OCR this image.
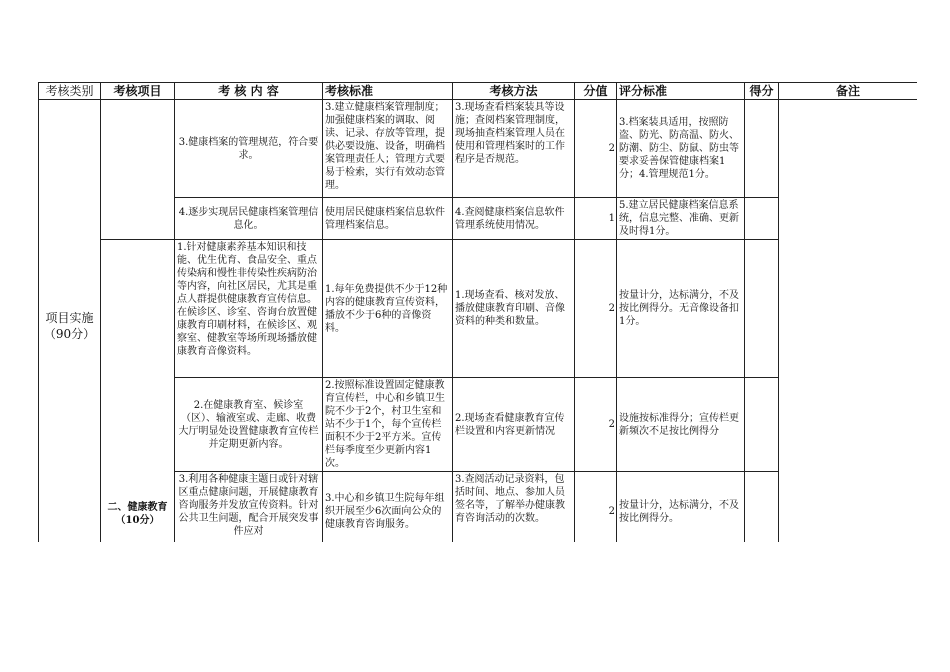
考核类别	考核项目	考 核 内 容	考核标准	考核方法	分值	评分标准	得分	备注

项目实施
（90分）		3.健康档案的管理规范，符合要求。	3.建立健康档案管理制度；加强健康档案的调取、阅读、记录、存放等管理，提供必要设施、设备，明确档案管理责任人；管理方式要易于检索，实行有效动态管理。	3.现场查看档案装具等设施；查阅档案管理制度，现场抽查档案管理人员在使用和管理档案时的工作程序是否规范。	2	3.档案装具适用，按照防盗、防光、防高温、防火、防潮、防尘、防鼠、防虫等要求妥善保管健康档案1分；4.管理规范1分。		
		4.逐步实现居民健康档案管理信息化。	使用居民健康档案信息软件管理档案信息。	4.查阅健康档案信息软件管理系统使用情况。	1	5.建立居民健康档案信息系统，信息完整、准确、更新及时得1分。		
	二、健康教育（10分）	1.针对健康素养基本知识和技能、优生优育、食品安全、重点传染病和慢性非传染性疾病防治等内容，向社区居民，尤其是重点人群提供健康教育宣传信息。在候诊区、诊室、咨询台放置健康教育印刷材料，在候诊区、观察室、健教室等场所现场播放健康教育音像资料。	1.每年免费提供不少于12种内容的健康教育宣传资料，播放不少于6种的音像资料。	1.现场查看、核对发放、播放健康教育印刷、音像资料的种类和数量。	2	按量计分，达标满分，不及按比例得分。无音像设备扣1分。		
		2.在健康教育室、候诊室（区）、输液室或、走廊、收费大厅明显处设置健康教育宣传栏并定期更新内容。	2.按照标准设置固定健康教育宣传栏，中心和乡镇卫生院不少于2个，村卫生室和站不少于1个，每个宣传栏面积不少于2平方米。宣传栏每季度至少更新内容1次。	2.现场查看健康教育宣传栏设置和内容更新情况	2	设施按标准得分；宣传栏更新频次不足按比例得分		
		3.利用各种健康主题日或针对辖区重点健康问题，开展健康教育咨询服务并发放宣传资料。针对公共卫生问题，配合开展突发事件应对	3.中心和乡镇卫生院每年组织开展至少6次面向公众的健康教育咨询服务。	3.查阅活动记录资料，包括时间、地点、参加人员签名等，了解举办健康教育咨询活动的次数。	2	按量计分，达标满分，不及按比例得分。		
